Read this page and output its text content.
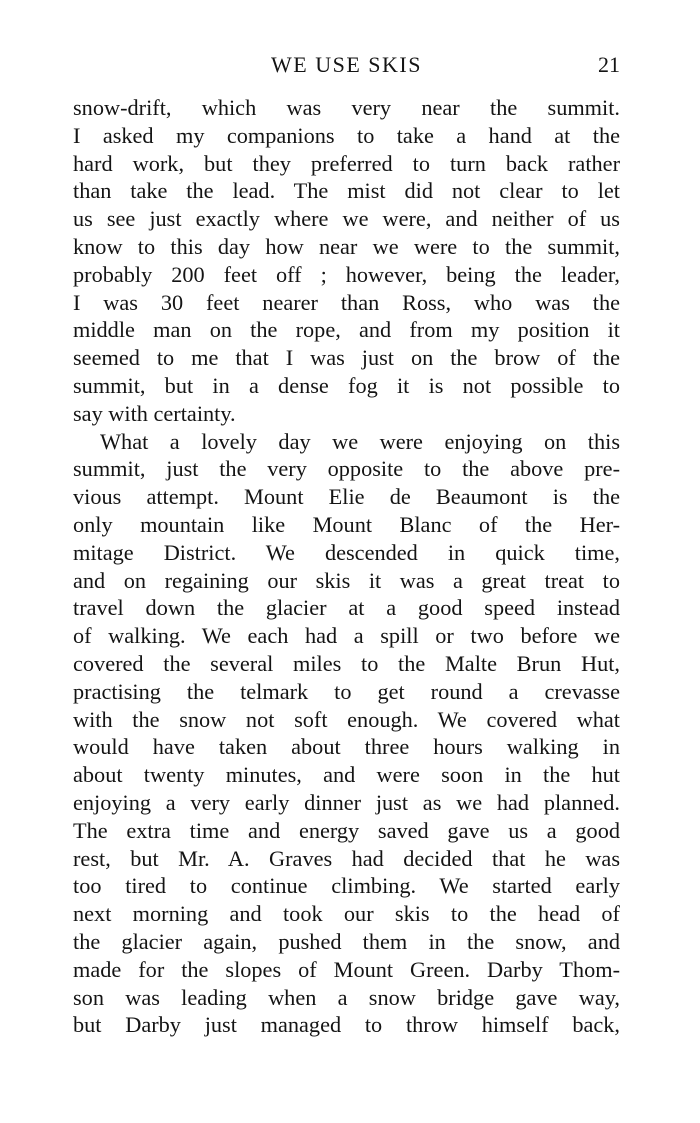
WE USE SKIS	21
snow-drift, which was very near the summit.
I asked my companions to take a hand at the
hard work, but they preferred to turn back rather
than take the lead. The mist did not clear to let
us see just exactly where we were, and neither of us
know to this day how near we were to the summit,
probably 200 feet off ; however, being the leader,
I was 30 feet nearer than Ross, who was the
middle man on the rope, and from my position it
seemed to me that I was just on the brow of the
summit, but in a dense fog it is not possible to
say with certainty.
What a lovely day we were enjoying on this
summit, just the very opposite to the above pre-
vious attempt. Mount Elie de Beaumont is the
only mountain like Mount Blanc of the Her-
mitage District. We descended in quick time,
and on regaining our skis it was a great treat to
travel down the glacier at a good speed instead
of walking. We each had a spill or two before we
covered the several miles to the Malte Brun Hut,
practising the telmark to get round a crevasse
with the snow not soft enough. We covered what
would have taken about three hours walking in
about twenty minutes, and were soon in the hut
enjoying a very early dinner just as we had planned.
The extra time and energy saved gave us a good
rest, but Mr. A. Graves had decided that he was
too tired to continue climbing. We started early
next morning and took our skis to the head of
the glacier again, pushed them in the snow, and
made for the slopes of Mount Green. Darby Thom-
son was leading when a snow bridge gave way,
but Darby just managed to throw himself back,
